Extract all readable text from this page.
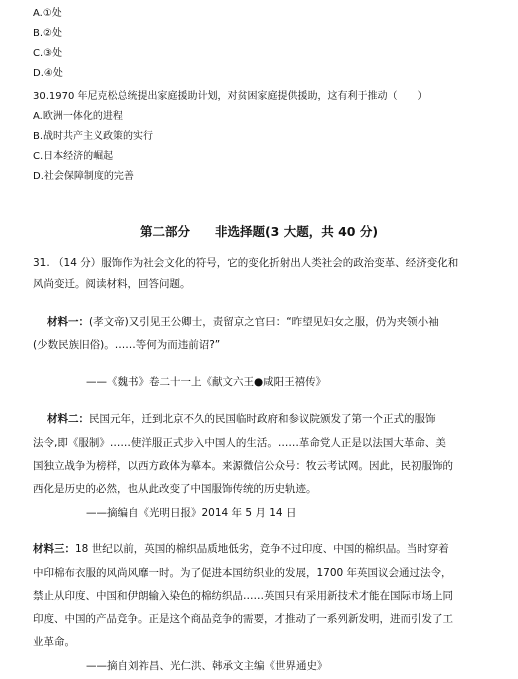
A.①处
B.②处
C.③处
D.④处
30.1970 年尼克松总统提出家庭援助计划，对贫困家庭提供援助，这有利于推动（　　）
A.欧洲一体化的进程
B.战时共产主义政策的实行
C.日本经济的崛起
D.社会保障制度的完善
第二部分　　非选择题(3 大题，共 40 分)
31. （14 分）服饰作为社会文化的符号，它的变化折射出人类社会的政治变革、经济变化和
风尚变迁。阅读材料，回答问题。
材料一：(孝文帝)又引见王公卿士，责留京之官曰：“昨望见妇女之服，仍为夹领小袖
(少数民族旧俗)。……等何为而违前诏?”
——《魏书》卷二十一上《献文六王●咸阳王禧传》
材料二：民国元年，迁到北京不久的民国临时政府和参议院颁发了第一个正式的服饰
法令,即《服制》……使洋服正式步入中国人的生活。……革命党人正是以法国大革命、美
国独立战争为榜样，以西方政体为摹本。来源微信公众号：牧云考试网。因此，民初服饰的
西化是历史的必然，也从此改变了中国服饰传统的历史轨迹。
——摘编自《光明日报》2014 年 5 月 14 日
材料三：18 世纪以前，英国的棉织品质地低劣，竞争不过印度、中国的棉织品。当时穿着
中印棉布衣服的风尚风靡一时。为了促进本国纺织业的发展，1700 年英国议会通过法令，
禁止从印度、中国和伊朗输入染色的棉纺织品……英国只有采用新技术才能在国际市场上同
印度、中国的产品竞争。正是这个商品竞争的需要，才推动了一系列新发明，进而引发了工
业革命。
——摘自刘祚昌、光仁洪、韩承文主编《世界通史》
